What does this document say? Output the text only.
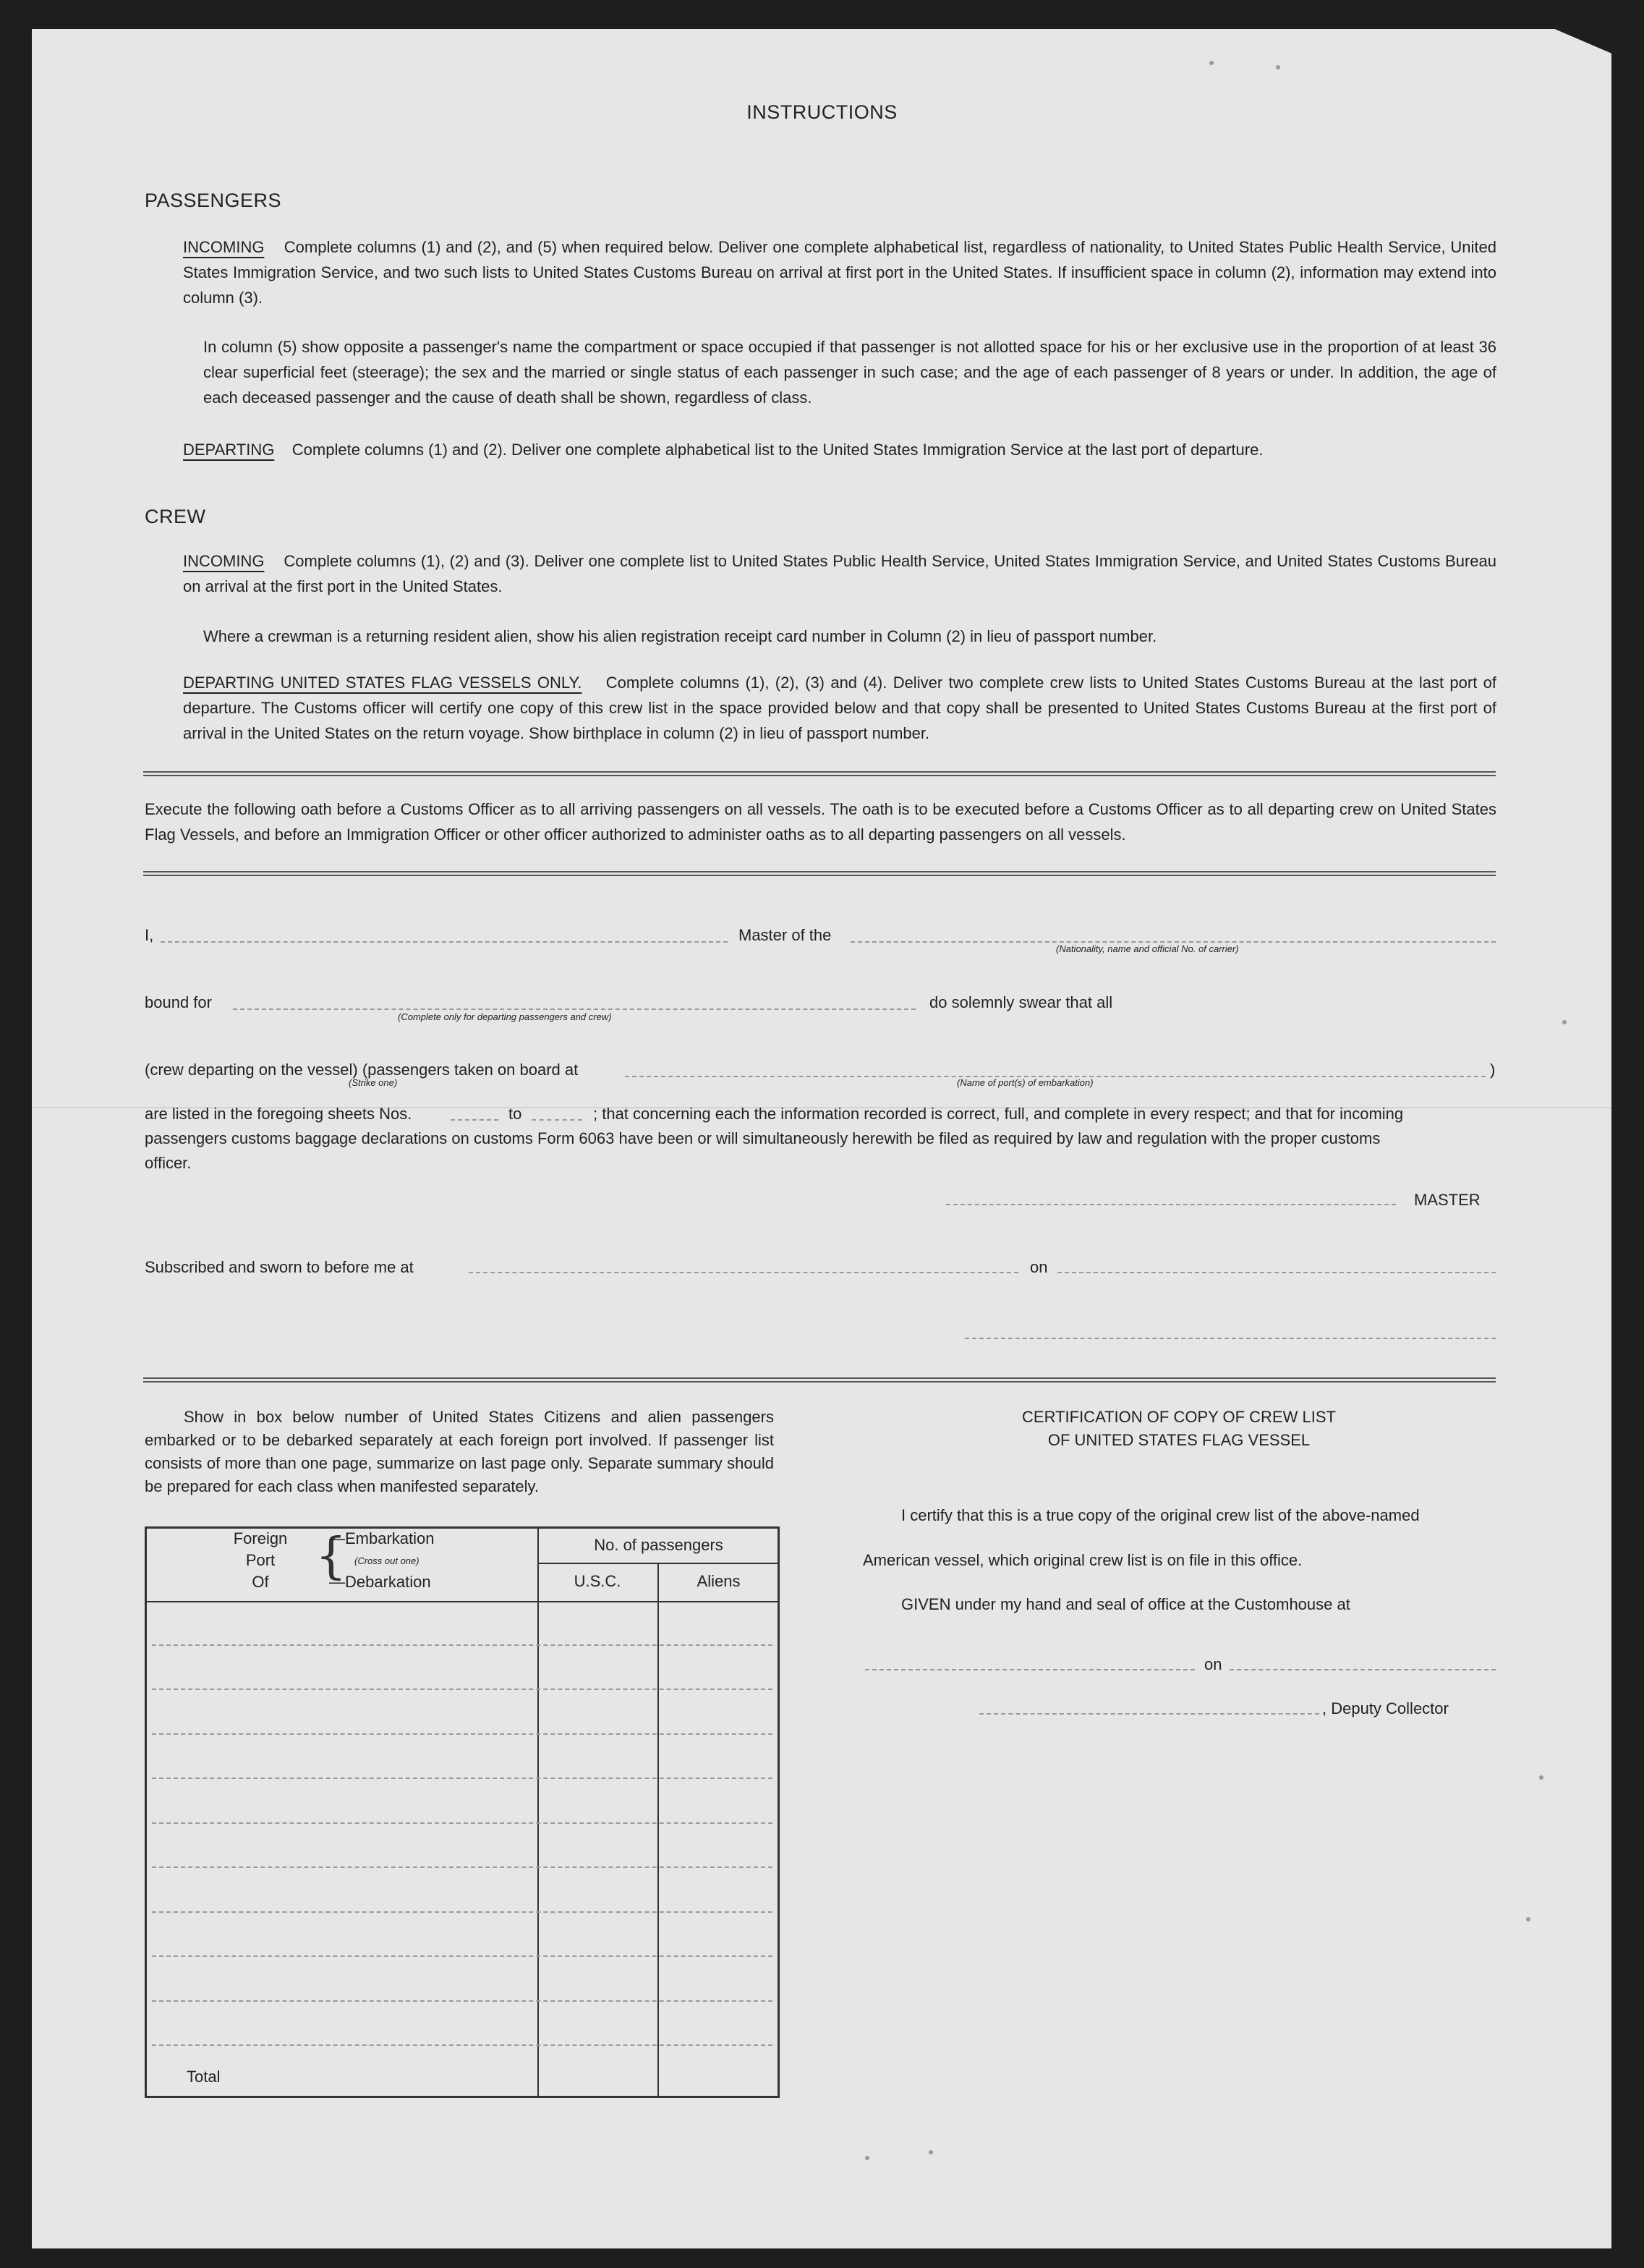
INSTRUCTIONS
PASSENGERS
INCOMING Complete columns (1) and (2), and (5) when required below. Deliver one complete alphabetical list, regardless of nationality, to United States Public Health Service, United States Immigration Service, and two such lists to United States Customs Bureau on arrival at first port in the United States. If insufficient space in column (2), information may extend into column (3).
In column (5) show opposite a passenger's name the compartment or space occupied if that passenger is not allotted space for his or her exclusive use in the proportion of at least 36 clear superficial feet (steerage); the sex and the married or single status of each passenger in such case; and the age of each passenger of 8 years or under. In addition, the age of each deceased passenger and the cause of death shall be shown, regardless of class.
DEPARTING Complete columns (1) and (2). Deliver one complete alphabetical list to the United States Immigration Service at the last port of departure.
CREW
INCOMING Complete columns (1), (2) and (3). Deliver one complete list to United States Public Health Service, United States Immigration Service, and United States Customs Bureau on arrival at the first port in the United States.
Where a crewman is a returning resident alien, show his alien registration receipt card number in Column (2) in lieu of passport number.
DEPARTING UNITED STATES FLAG VESSELS ONLY. Complete columns (1), (2), (3) and (4). Deliver two complete crew lists to United States Customs Bureau at the last port of departure. The Customs officer will certify one copy of this crew list in the space provided below and that copy shall be presented to United States Customs Bureau at the first port of arrival in the United States on the return voyage. Show birthplace in column (2) in lieu of passport number.
Execute the following oath before a Customs Officer as to all arriving passengers on all vessels. The oath is to be executed before a Customs Officer as to all departing crew on United States Flag Vessels, and before an Immigration Officer or other officer authorized to administer oaths as to all departing passengers on all vessels.
I,	Master of the
(Nationality, name and official No. of carrier)
bound for
(Complete only for departing passengers and crew)
do solemnly swear that all
(crew departing on the vessel) (passengers taken on board at
(Strike one)	(Name of port(s) of embarkation)
)
are listed in the foregoing sheets Nos.	to	; that concerning each the information recorded is correct, full, and complete in every respect; and that for incoming
passengers customs baggage declarations on customs Form 6063 have been or will simultaneously herewith be filed as required by law and regulation with the proper customs
officer.
MASTER
Subscribed and sworn to before me at	on
Show in box below number of United States Citizens and alien passengers embarked or to be debarked separately at each foreign port involved. If passenger list consists of more than one page, summarize on last page only. Separate summary should be prepared for each class when manifested separately.
Foreign
Port
Of {
—Embarkation
(Cross out one)
—Debarkation
No. of passengers
U.S.C.	Aliens
Total
CERTIFICATION OF COPY OF CREW LIST
OF UNITED STATES FLAG VESSEL
I certify that this is a true copy of the original crew list of the above-named
American vessel, which original crew list is on file in this office.
GIVEN under my hand and seal of office at the Customhouse at
on
, Deputy Collector
